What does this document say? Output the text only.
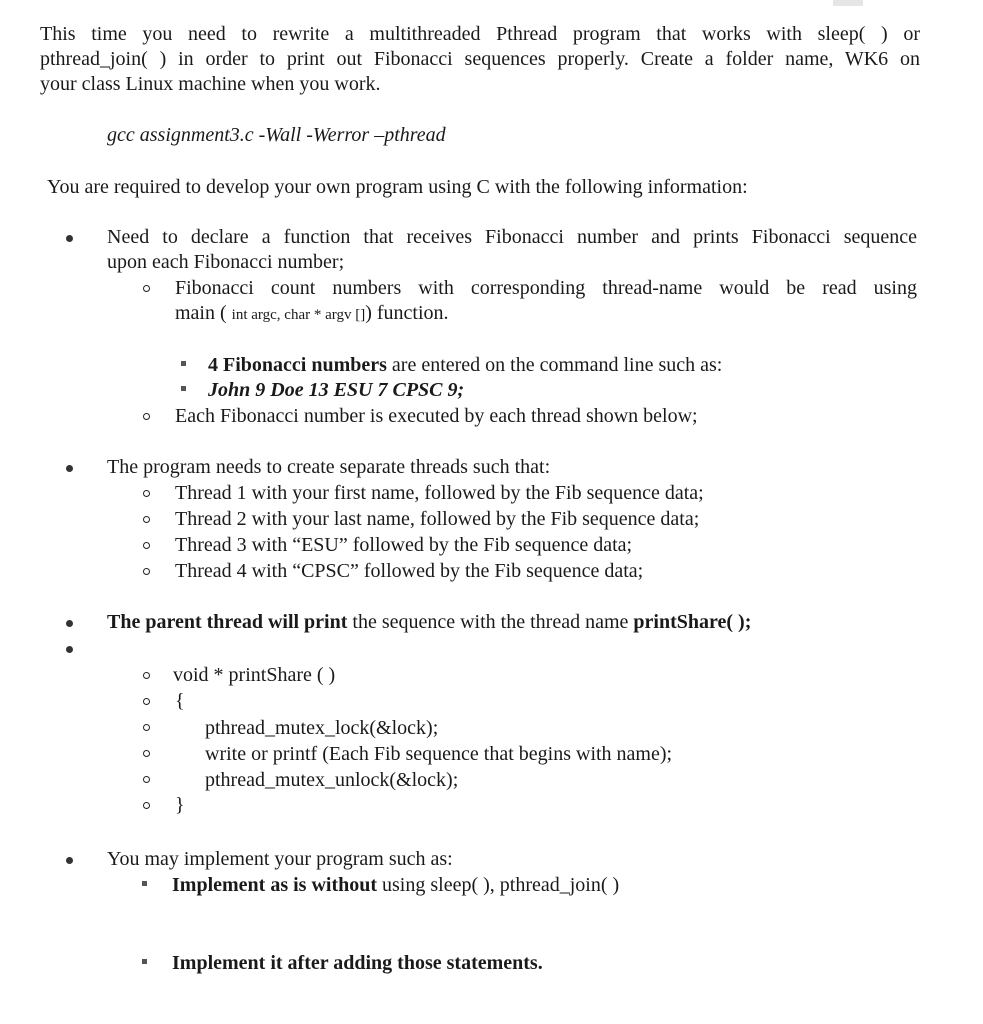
This time you need to rewrite a multithreaded Pthread program that works with sleep( ) or
pthread_join( ) in order to print out Fibonacci sequences properly. Create a folder name, WK6 on
your class Linux machine when you work.
gcc assignment3.c -Wall -Werror –pthread
You are required to develop your own program using C with the following information:
Need to declare a function that receives Fibonacci number and prints Fibonacci sequence
upon each Fibonacci number;
Fibonacci count numbers with corresponding thread-name would be read using
main ( int argc, char * argv []) function.
4 Fibonacci numbers are entered on the command line such as:
John 9 Doe 13 ESU 7 CPSC 9;
Each Fibonacci number is executed by each thread shown below;
The program needs to create separate threads such that:
Thread 1 with your first name, followed by the Fib sequence data;
Thread 2 with your last name, followed by the Fib sequence data;
Thread 3 with “ESU” followed by the Fib sequence data;
Thread 4 with “CPSC” followed by the Fib sequence data;
The parent thread will print the sequence with the thread name printShare( );
void * printShare ( )
{
pthread_mutex_lock(&lock);
write or printf (Each Fib sequence that begins with name);
pthread_mutex_unlock(&lock);
}
You may implement your program such as:
Implement as is without using sleep( ), pthread_join( )
Implement it after adding those statements.
